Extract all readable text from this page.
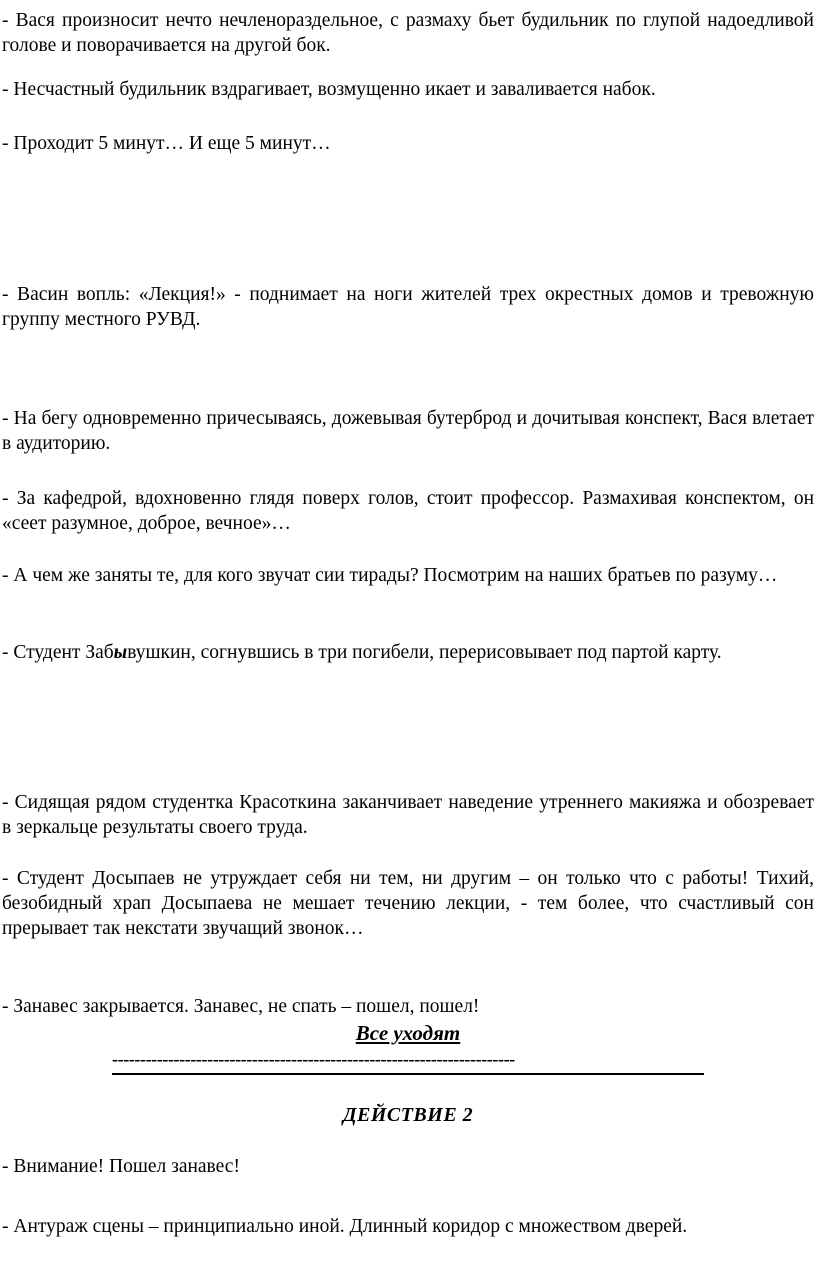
- Вася произносит нечто нечленораздельное, с размаху бьет будильник по глупой надоедливой голове и поворачивается на другой бок.

- Несчастный будильник вздрагивает, возмущенно икает и заваливается набок.

- Проходит 5 минут… И еще 5 минут…

- Васин вопль: «Лекция!» - поднимает на ноги жителей трех окрестных домов и тревожную группу местного РУВД.

- На бегу одновременно причесываясь, дожевывая бутерброд и дочитывая конспект, Вася влетает в аудиторию.

- За кафедрой, вдохновенно глядя поверх голов, стоит профессор. Размахивая конспектом, он «сеет разумное, доброе, вечное»…

- А чем же заняты те, для кого звучат сии тирады? Посмотрим на наших братьев по разуму…

- Студент Забывушкин, согнувшись в три погибели, перерисовывает под партой карту.

- Сидящая рядом студентка Красоткина заканчивает наведение утреннего макияжа и обозревает в зеркальце результаты своего труда.

- Студент Досыпаев не утруждает себя ни тем, ни другим – он только что с работы! Тихий, безобидный храп Досыпаева не мешает течению лекции, - тем более, что счастливый сон прерывает так некстати звучащий звонок…

- Занавес закрывается. Занавес, не спать – пошел, пошел!

Все уходят

------------------------------------------------------------------------

ДЕЙСТВИЕ 2

- Внимание! Пошел занавес!

- Антураж сцены – принципиально иной. Длинный коридор с множеством дверей.
